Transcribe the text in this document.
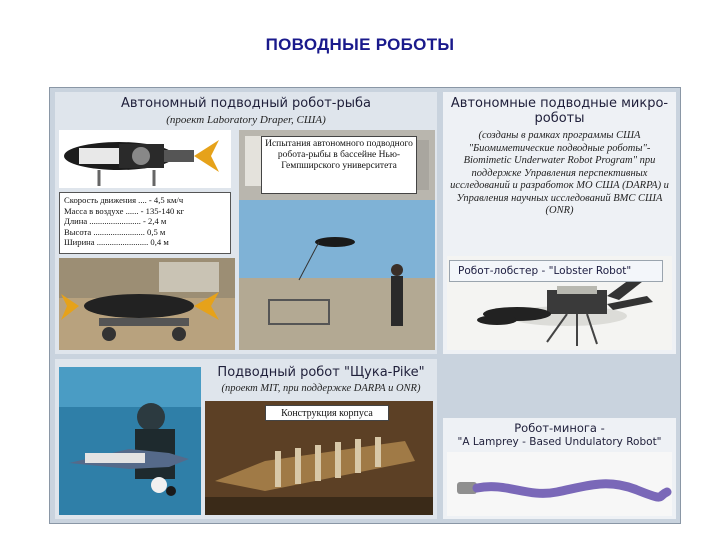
ПОВОДНЫЕ РОБОТЫ
Автономный подводный робот-рыба
(проект Laboratory Draper, США)
Скорость движения .... - 4,5 км/ч
Масса в воздухе ...... - 135-140 кг
Длина ........................ - 2,4 м
Высота ........................ 0,5 м
Ширина ........................ 0,4 м
Испытания автономного подводного робота-рыбы в бассейне Нью-Гемпширского университета
Автономные подводные микро-роботы
(созданы в рамках программы США "Биомиметические подводные роботы"- Biomimetic Underwater Robot Program" при поддержке Управления перспективных исследований и разработок МО США (DARPA) и Управления научных исследований ВМС США (ONR)
Робот-лобстер - "Lobster Robot"
Подводный робот "Щука-Pike"
(проект MIT, при поддержке DARPA и ONR)
Конструкция корпуса
Робот-минога -
"A Lamprey - Based Undulatory Robot"
